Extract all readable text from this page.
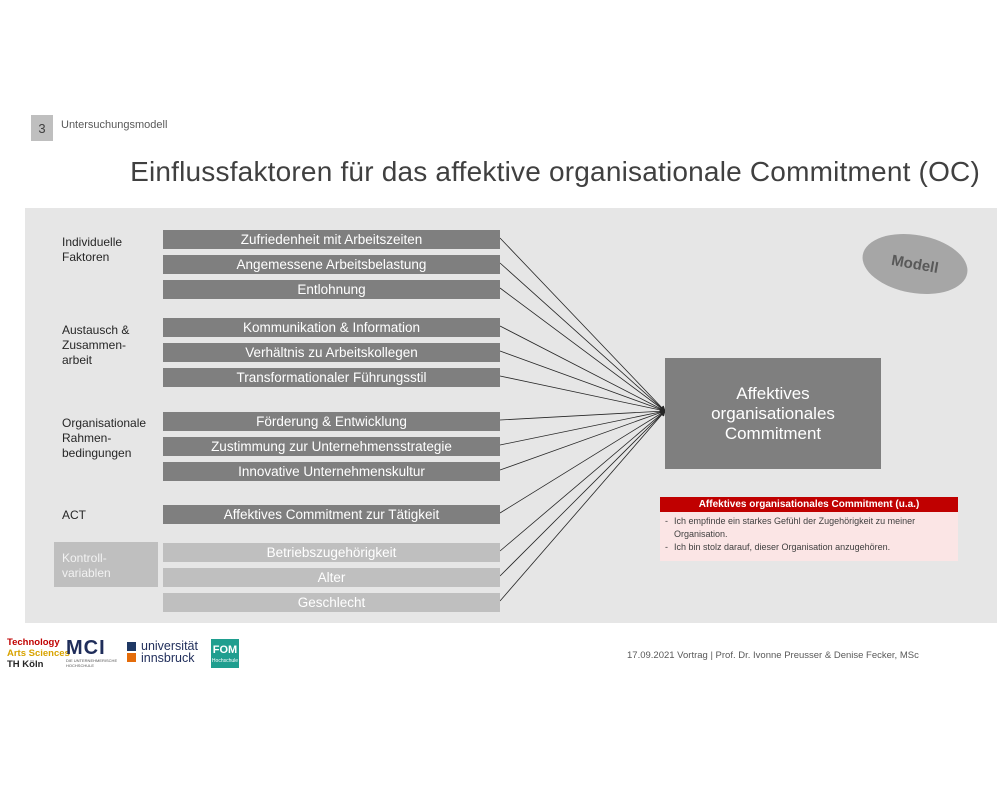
3	Untersuchungsmodell
Einflussfaktoren für das affektive organisationale Commitment (OC)
Individuelle
Faktoren
Austausch &
Zusammen-
arbeit
Organisationale
Rahmen-
bedingungen
ACT
Zufriedenheit mit Arbeitszeiten
Angemessene Arbeitsbelastung
Entlohnung
Kommunikation & Information
Verhältnis zu Arbeitskollegen
Transformationaler Führungsstil
Förderung & Entwicklung
Zustimmung zur Unternehmensstrategie
Innovative Unternehmenskultur
Affektives Commitment zur Tätigkeit
Kontroll-
variablen
Betriebszugehörigkeit
Alter
Geschlecht
Affektives
organisationales
Commitment
Modell
Affektives organisationales Commitment (u.a.)
- Ich empfinde ein starkes Gefühl der Zugehörigkeit zu meiner Organisation.
- Ich bin stolz darauf, dieser Organisation anzugehören.
Technology
Arts Sciences
TH Köln
MCI
DIE UNTERNEHMERISCHE HOCHSCHULE
universität
innsbruck
FOM
Hochschule	17.09.2021 Vortrag | Prof. Dr. Ivonne Preusser & Denise Fecker, MSc
